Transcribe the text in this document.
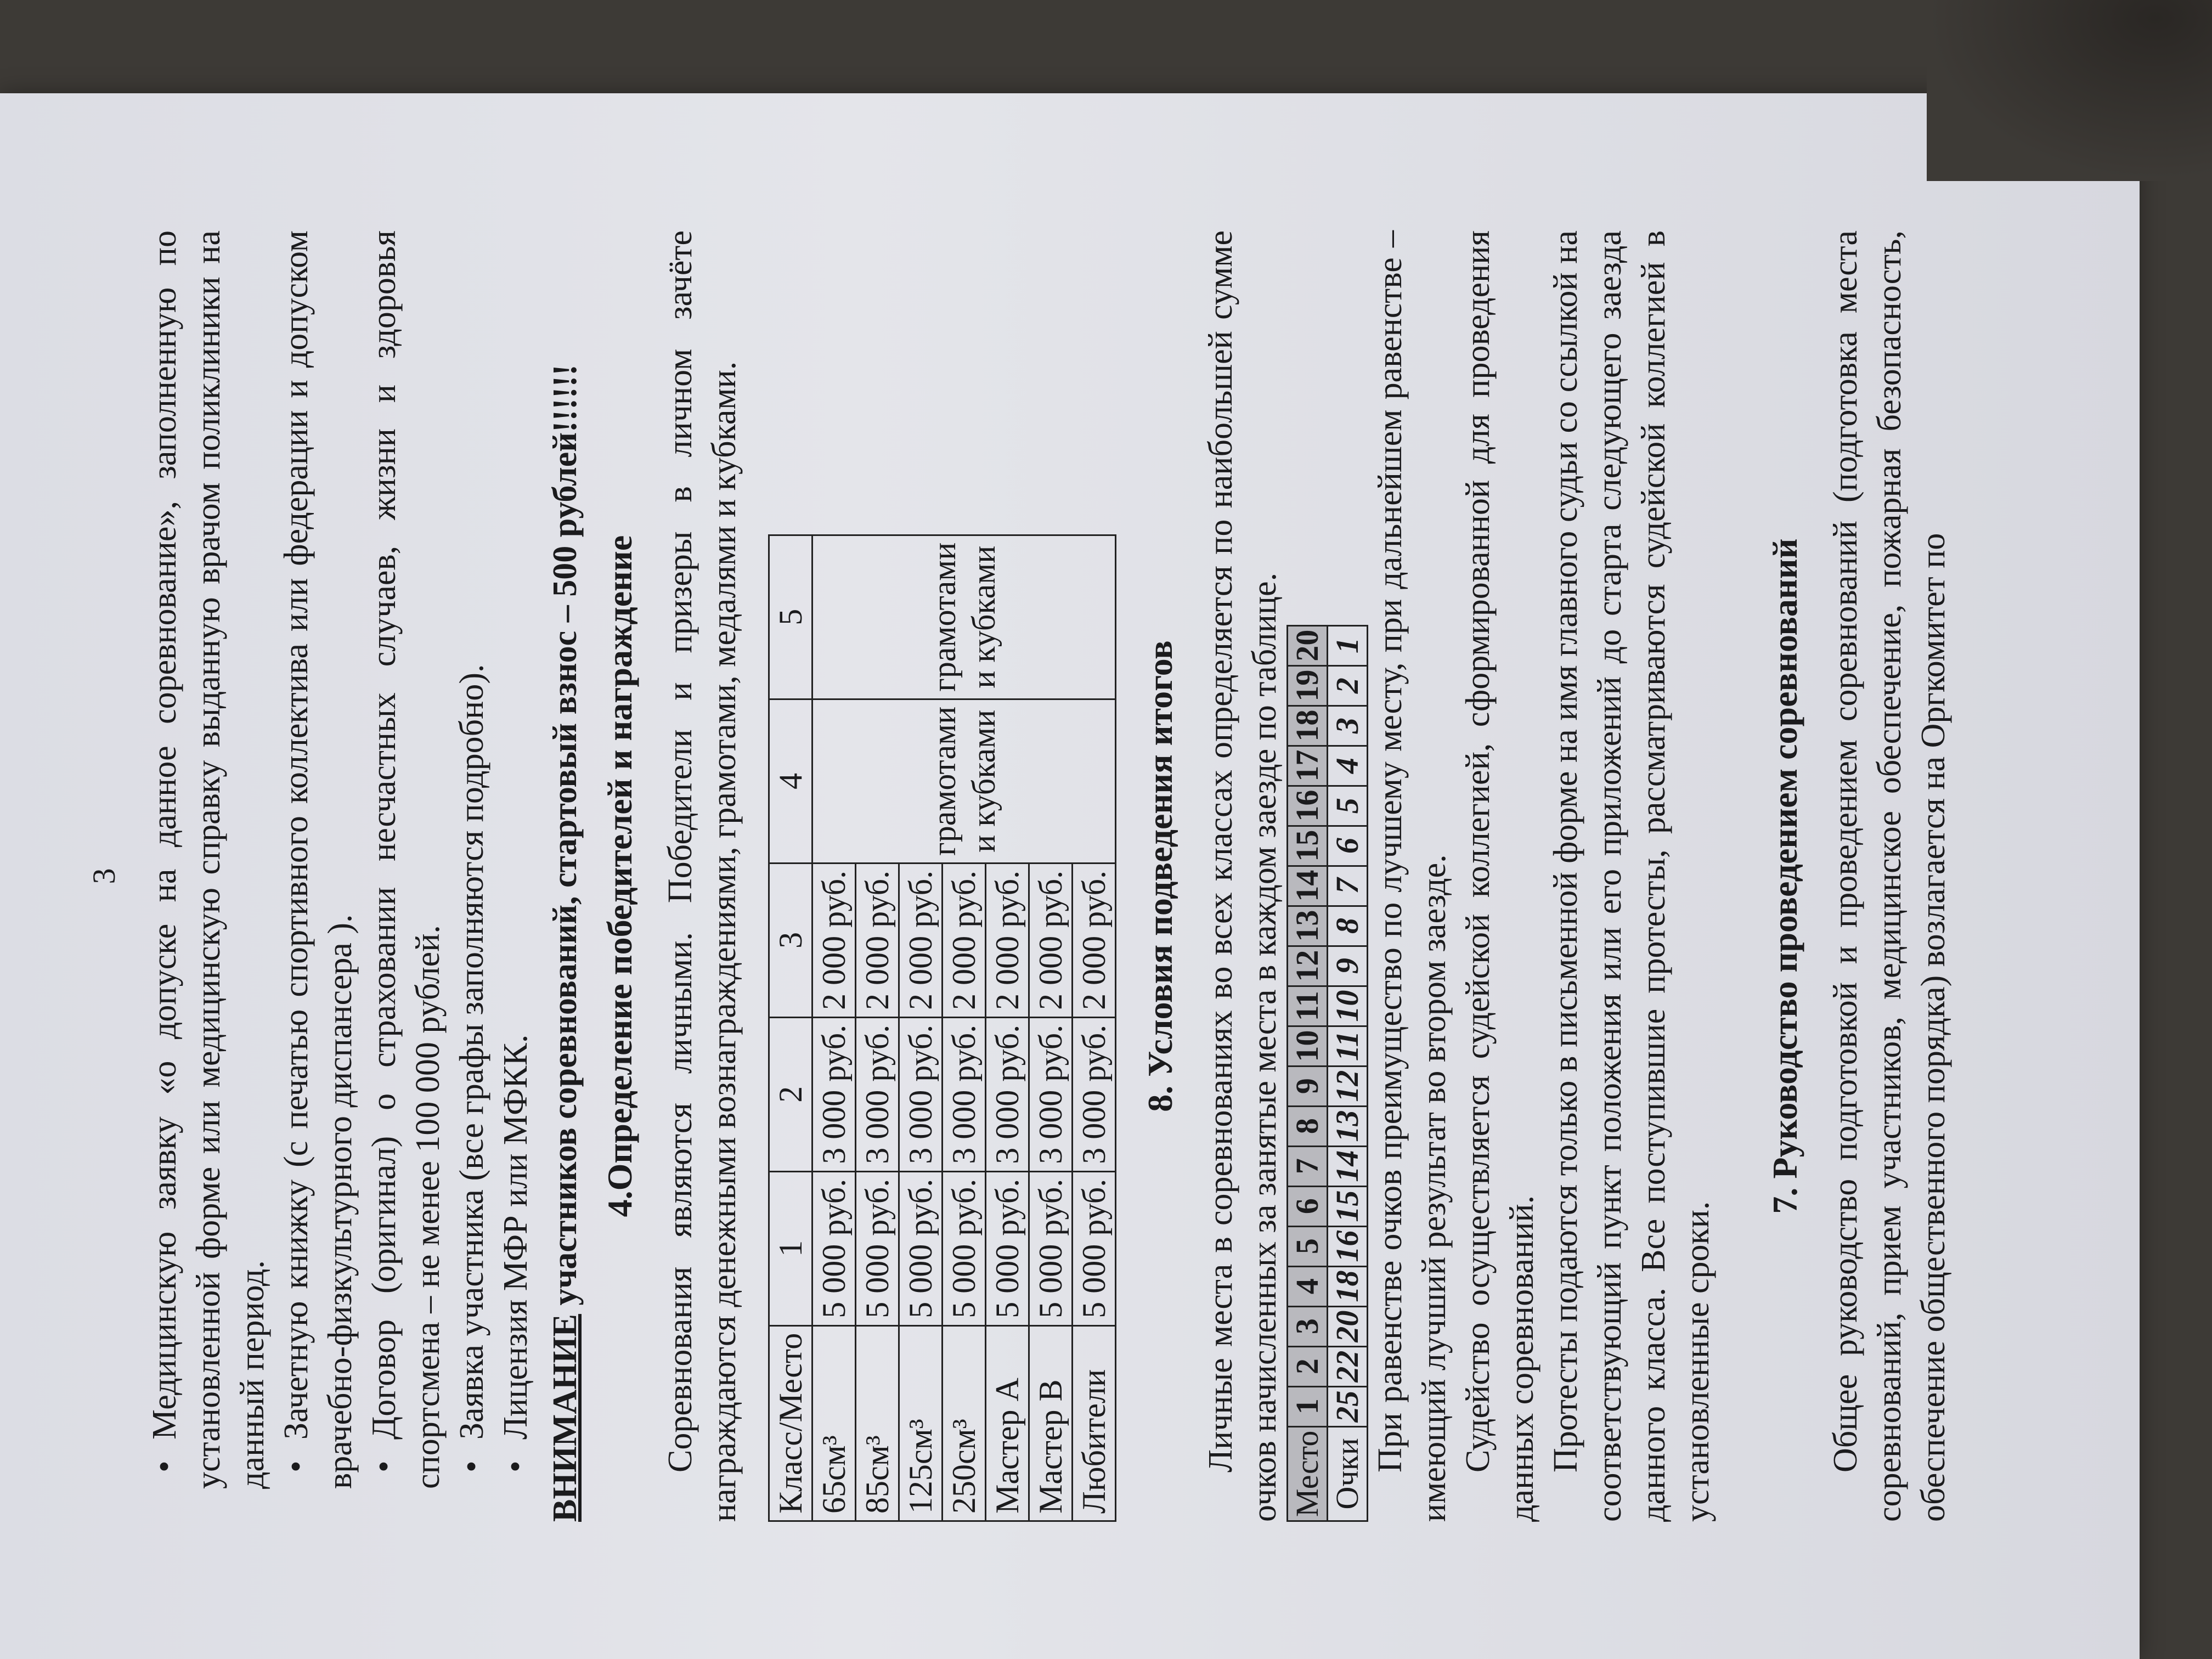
3 • Медицинскую заявку «о допуске на данное соревнование», заполненную по установленной форме или медицинскую справку выданную врачом поликлиники на данный период. • Зачетную книжку (с печатью спортивного коллектива или федерации и допуском врачебно-физкультурного диспансера ). • Договор (оригинал) о страховании несчастных случаев, жизни и здоровья спортсмена – не менее 100 000 рублей. • Заявка участника (все графы заполняются подробно). • Лицензия МФР или МФКК. ВНИМАНИЕ участников соревнований, стартовый взнос – 500 рублей!!!!!! 4.Определение победителей и награждение Соревнования являются личными. Победители и призеры в личном зачёте награждаются денежными вознаграждениями, грамотами, медалями и кубками. Класс/Место	1	2	3	4	5
65см³	5 000 руб.	3 000 руб.	2 000 руб.	грамотами и кубками	грамотами и кубками
85см³	5 000 руб.	3 000 руб.	2 000 руб.		
125см³	5 000 руб.	3 000 руб.	2 000 руб.		
250см³	5 000 руб.	3 000 руб.	2 000 руб.		
Мастер А	5 000 руб.	3 000 руб.	2 000 руб.		
Мастер В	5 000 руб.	3 000 руб.	2 000 руб.		
Любители	5 000 руб.	3 000 руб.	2 000 руб.		8. Условия подведения итогов Личные места в соревнованиях во всех классах определяется по наибольшей сумме очков начисленных за занятые места в каждом заезде по таблице. Место	1	2	3	4	5	6	7	8	9	10	11	12	13	14	15	16	17	18	19	20
Очки	25	22	20	18	16	15	14	13	12	11	10	9	8	7	6	5	4	3	2	1 При равенстве очков преимущество по лучшему месту, при дальнейшем равенстве – имеющий лучший результат во втором заезде. Судейство осуществляется судейской коллегией, сформированной для проведения данных соревнований. Протесты подаются только в письменной форме на имя главного судьи со ссылкой на соответствующий пункт положения или его приложений до старта следующего заезда данного класса. Все поступившие протесты, рассматриваются судейской коллегией в установленные сроки.

7. Руководство проведением соревнований Общее руководство подготовкой и проведением соревнований (подготовка места соревнований, прием участников, медицинское обеспечение, пожарная безопасность, обеспечение общественного порядка) возлагается на Оргкомитет по
